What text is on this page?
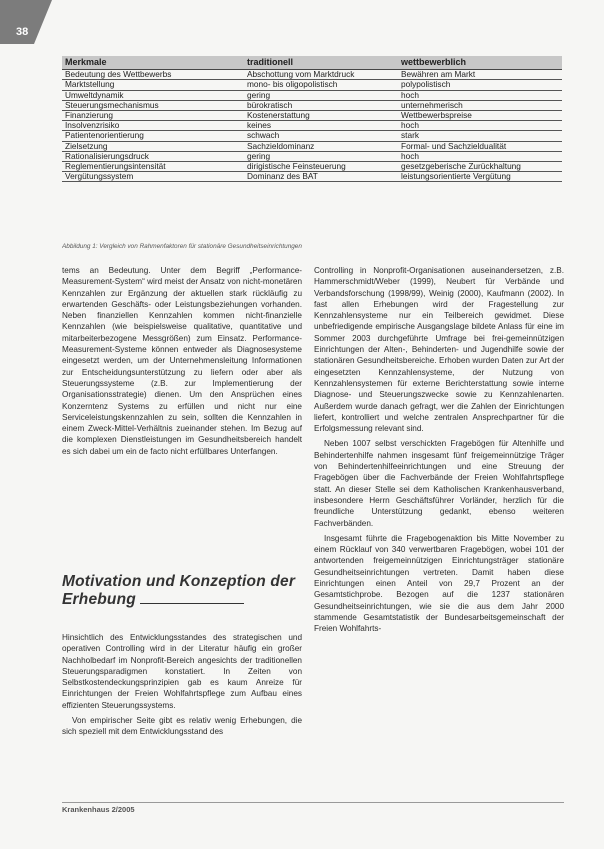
38

Merkmale	traditionell	wettbewerblich
Bedeutung des Wettbewerbs	Abschottung vom Marktdruck	Bewähren am Markt
Marktstellung	mono- bis oligopolistisch	polypolistisch
Umweltdynamik	gering	hoch
Steuerungsmechanismus	bürokratisch	unternehmerisch
Finanzierung	Kostenerstattung	Wettbewerbspreise
Insolvenzrisiko	keines	hoch
Patientenorientierung	schwach	stark
Zielsetzung	Sachzieldominanz	Formal- und Sachzieldualität
Rationalisierungsdruck	gering	hoch
Reglementierungsintensität	dirigistische Feinsteuerung	gesetzgeberische Zurückhaltung
Vergütungssystem	Dominanz des BAT	leistungsorientierte Vergütung
Abbildung 1: Vergleich von Rahmenfaktoren für stationäre Gesundheitseinrichtungen

tems an Bedeutung. Unter dem Begriff „Performance-Measurement-System“ wird meist der Ansatz von nicht-monetären Kennzahlen zur Ergänzung der aktuellen stark rückläufig zu erwartenden Geschäfts- oder Leistungsbeziehungen vorhanden. Neben finanziellen Kennzahlen kommen nicht-finanzielle Kennzahlen (wie beispielsweise qualitative, quantitative und mitarbeiterbezogene Messgrößen) zum Einsatz. Performance-Measurement-Systeme können entweder als Diagnosesysteme eingesetzt werden, um der Unternehmensleitung Informationen zur Entscheidungsunterstützung zu liefern oder aber als Steuerungssysteme (z.B. zur Implementierung der Organisationsstrategie) dienen. Um den Ansprüchen eines Konzerntenz Systems zu erfüllen und nicht nur eine Serviceleistungskennzahlen zu sein, sollten die Kennzahlen in einem Zweck-Mittel-Verhältnis zueinander stehen. Im Bezug auf die komplexen Dienstleistungen im Gesundheitsbereich handelt es sich dabei um ein de facto nicht erfüllbares Unterfangen.

Motivation und Konzeption der Erhebung

Hinsichtlich des Entwicklungsstandes des strategischen und operativen Controlling wird in der Literatur häufig ein großer Nachholbedarf im Nonprofit-Bereich angesichts der traditionellen Steuerungsparadigmen konstatiert. In Zeiten von Selbstkostendeckungsprinzipien gab es kaum Anreize für Einrichtungen der Freien Wohlfahrtspflege zum Aufbau eines effizienten Steuerungssystems.

Von empirischer Seite gibt es relativ wenig Erhebungen, die sich speziell mit dem Entwicklungsstand des

Controlling in Nonprofit-Organisationen auseinandersetzen, z.B. Hammerschmidt/Weber (1999), Neubert für Verbände und Verbandsforschung (1998/99), Weinig (2000), Kaufmann (2002). In fast allen Erhebungen wird der Fragestellung zur Kennzahlensysteme nur ein Teilbereich gewidmet. Diese unbefriedigende empirische Ausgangslage bildete Anlass für eine im Sommer 2003 durchgeführte Umfrage bei frei-gemeinnützigen Einrichtungen der Alten-, Behinderten- und Jugendhilfe sowie der stationären Gesundheitsbereiche. Erhoben wurden Daten zur Art der eingesetzten Kennzahlensysteme, der Nutzung von Kennzahlensystemen für externe Berichterstattung sowie interne Diagnose- und Steuerungszwecke sowie zu Kennzahlenarten. Außerdem wurde danach gefragt, wer die Zahlen der Einrichtungen liefert, kontrolliert und welche zentralen Ansprechpartner für die Erfolgsmessung relevant sind.

Neben 1007 selbst verschickten Fragebögen für Altenhilfe und Behindertenhilfe nahmen insgesamt fünf freigemeinnützige Träger von Behindertenhilfeeinrichtungen und eine Streuung der Fragebögen über die Fachverbände der Freien Wohlfahrtspflege statt. An dieser Stelle sei dem Katholischen Krankenhausverband, insbesondere Herrn Geschäftsführer Vorländer, herzlich für die freundliche Unterstützung gedankt, ebenso weiteren Fachverbänden.

Insgesamt führte die Fragebogenaktion bis Mitte November zu einem Rücklauf von 340 verwertbaren Fragebögen, wobei 101 der antwortenden freigemeinnützigen Einrichtungsträger stationäre Gesundheitseinrichtungen vertreten. Damit haben diese Einrichtungen einen Anteil von 29,7 Prozent an der Gesamtstichprobe. Bezogen auf die 1237 stationären Gesundheitseinrichtungen, wie sie die aus dem Jahr 2000 stammende Gesamtstatistik der Bundesarbeitsgemeinschaft der Freien Wohlfahrts-

Krankenhaus 2/2005
